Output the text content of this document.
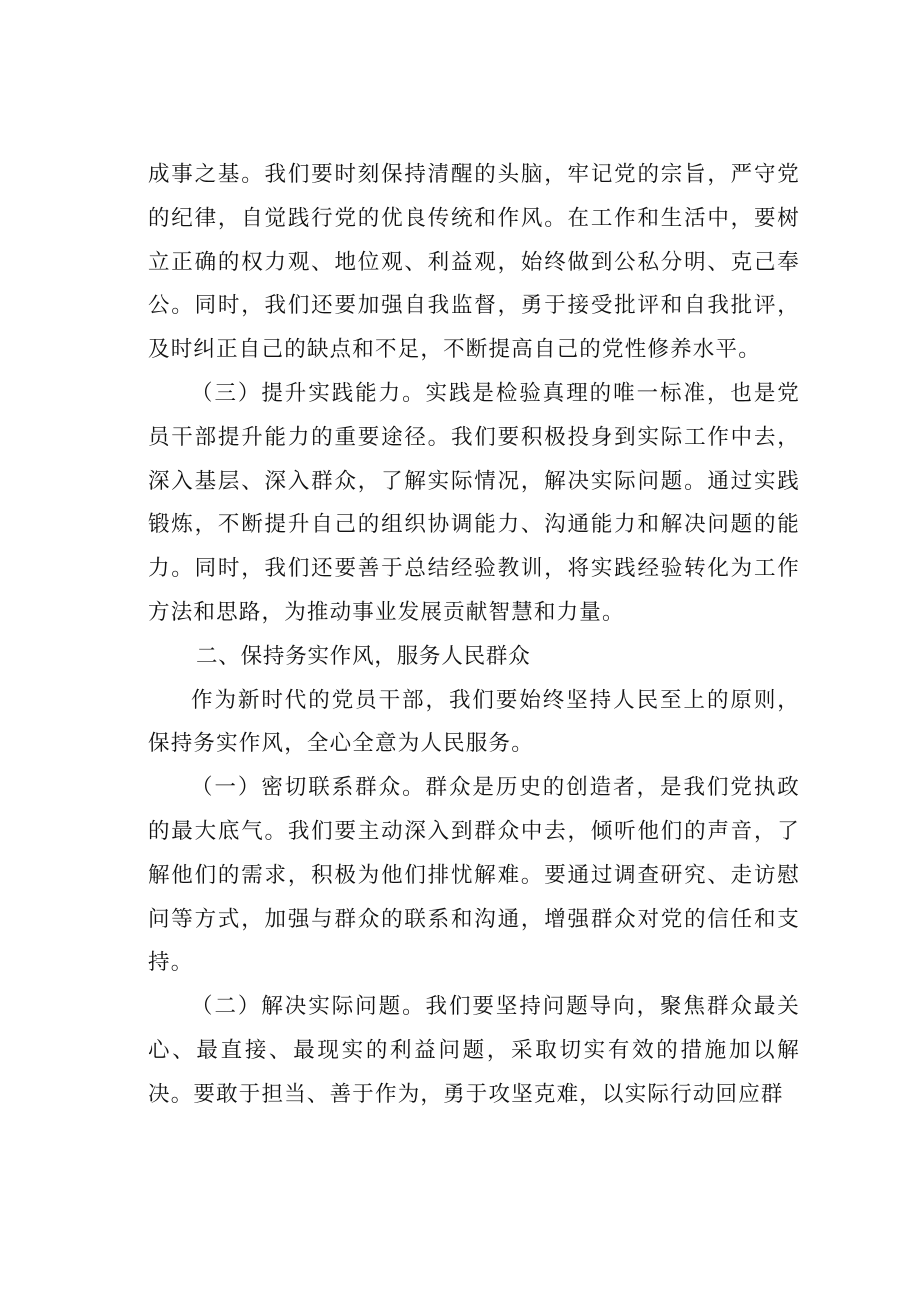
成事之基。我们要时刻保持清醒的头脑，牢记党的宗旨，严守党的纪律，自觉践行党的优良传统和作风。在工作和生活中，要树立正确的权力观、地位观、利益观，始终做到公私分明、克己奉公。同时，我们还要加强自我监督，勇于接受批评和自我批评，及时纠正自己的缺点和不足，不断提高自己的党性修养水平。

（三）提升实践能力。实践是检验真理的唯一标准，也是党员干部提升能力的重要途径。我们要积极投身到实际工作中去，深入基层、深入群众，了解实际情况，解决实际问题。通过实践锻炼，不断提升自己的组织协调能力、沟通能力和解决问题的能力。同时，我们还要善于总结经验教训，将实践经验转化为工作方法和思路，为推动事业发展贡献智慧和力量。

二、保持务实作风，服务人民群众

作为新时代的党员干部，我们要始终坚持人民至上的原则，保持务实作风，全心全意为人民服务。

（一）密切联系群众。群众是历史的创造者，是我们党执政的最大底气。我们要主动深入到群众中去，倾听他们的声音，了解他们的需求，积极为他们排忧解难。要通过调查研究、走访慰问等方式，加强与群众的联系和沟通，增强群众对党的信任和支持。

（二）解决实际问题。我们要坚持问题导向，聚焦群众最关心、最直接、最现实的利益问题，采取切实有效的措施加以解决。要敢于担当、善于作为，勇于攻坚克难，以实际行动回应群
